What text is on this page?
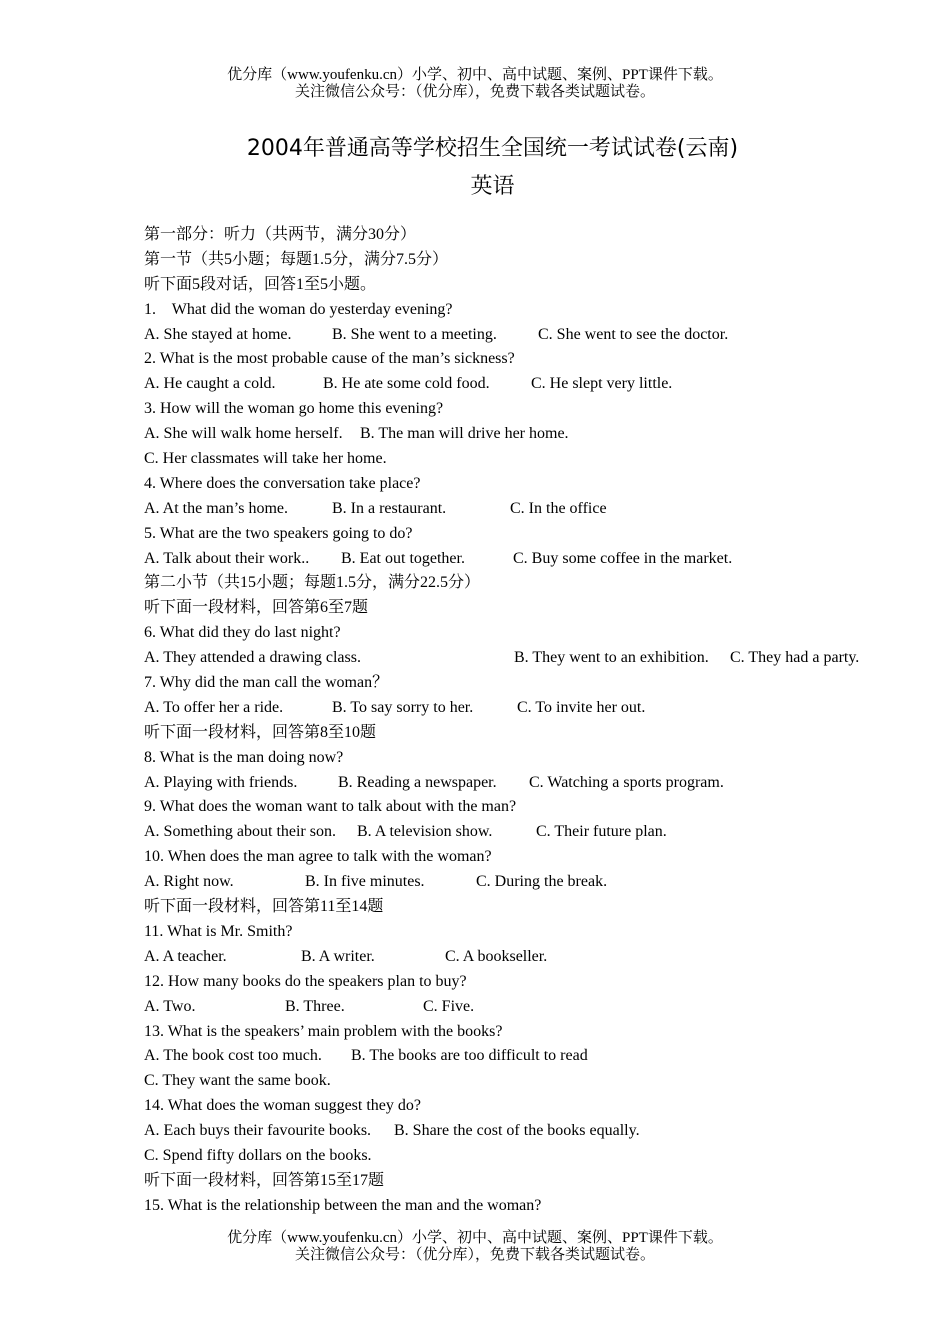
优分库（www.youfenku.cn）小学、初中、高中试题、案例、PPT课件下载。
关注微信公众号：（优分库），免费下载各类试题试卷。
2004年普通高等学校招生全国统一考试试卷(云南)
英语
第一部分：听力（共两节，满分30分）
第一节（共5小题；每题1.5分，满分7.5分）
听下面5段对话，回答1至5小题。
1.    What did the woman do yesterday evening?
A. She stayed at home.	B. She went to a meeting.	C. She went to see the doctor.
2. What is the most probable cause of the man’s sickness?
A. He caught a cold.	B. He ate some cold food.	C. He slept very little.
3. How will the woman go home this evening?
A. She will walk home herself. B. The man will drive her home.
C. Her classmates will take her home.
4. Where does the conversation take place?
A. At the man’s home.	B. In a restaurant.	C. In the office
5. What are the two speakers going to do?
A. Talk about their work.. B. Eat out together.	C. Buy some coffee in the market.
第二小节（共15小题；每题1.5分，满分22.5分）
听下面一段材料，回答第6至7题
6. What did they do last night?
A. They attended a drawing class.	B. They went to an exhibition. C. They had a party.
7. Why did the man call the woman？
A. To offer her a ride.	B. To say sorry to her.	C. To invite her out.
听下面一段材料，回答第8至10题
8. What is the man doing now?
A. Playing with friends.	B. Reading a newspaper. C. Watching a sports program.
9. What does the woman want to talk about with the man?
A. Something about their son. B. A television show.	C. Their future plan.
10. When does the man agree to talk with the woman?
A. Right now.	B. In five minutes.	C. During the break.
听下面一段材料，回答第11至14题
11. What is Mr. Smith?
A. A teacher.	B. A writer.	C. A bookseller.
12. How many books do the speakers plan to buy?
A. Two.	B. Three.	C. Five.
13. What is the speakers’ main problem with the books?
A. The book cost too much. B. The books are too difficult to read
C. They want the same book.
14. What does the woman suggest they do?
A. Each buys their favourite books. B. Share the cost of the books equally.
C. Spend fifty dollars on the books.
听下面一段材料，回答第15至17题
15. What is the relationship between the man and the woman?
优分库（www.youfenku.cn）小学、初中、高中试题、案例、PPT课件下载。
关注微信公众号：（优分库），免费下载各类试题试卷。
